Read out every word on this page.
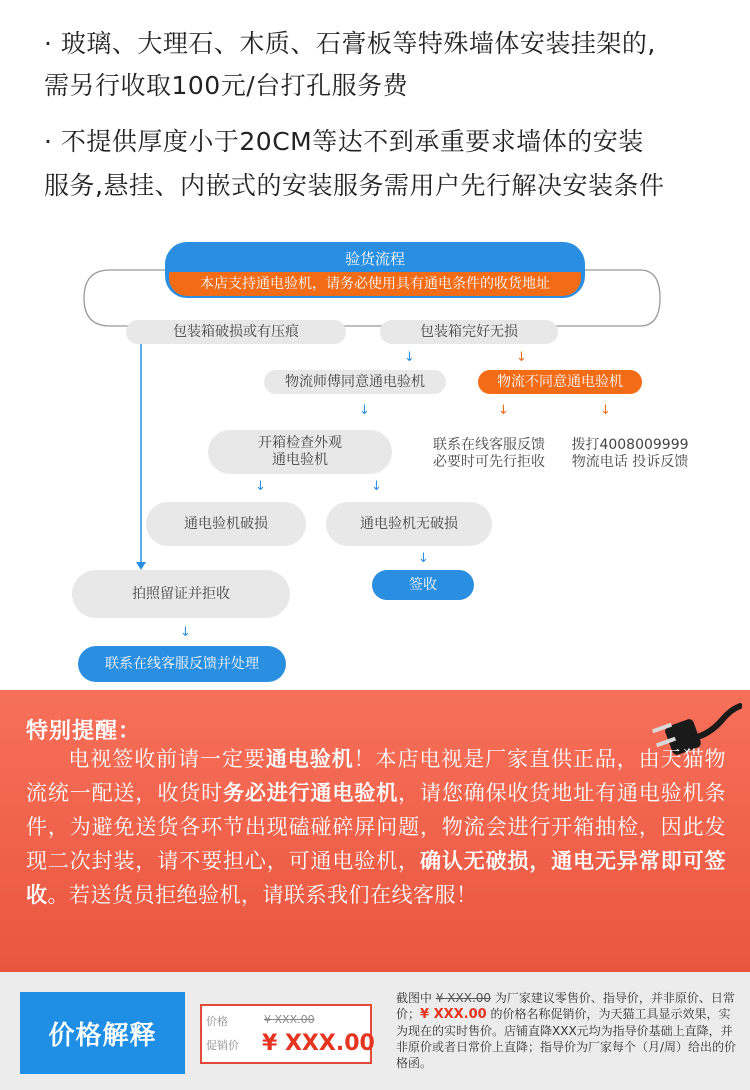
· 玻璃、大理石、木质、石膏板等特殊墙体安装挂架的,
需另行收取100元/台打孔服务费
· 不提供厚度小于20CM等达不到承重要求墙体的安装
服务,悬挂、内嵌式的安装服务需用户先行解决安装条件
验货流程
本店支持通电验机，请务必使用具有通电条件的收货地址
包装箱破损或有压痕	包装箱完好无损
↓	↓
物流师傅同意通电验机	物流不同意通电验机
↓	↓	↓
开箱检查外观
通电验机
联系在线客服反馈
必要时可先行拒收
拨打4008009999
物流电话 投诉反馈
↓	↓
通电验机破损	通电验机无破损
↓
拍照留证并拒收
签收
↓
联系在线客服反馈并处理
特别提醒：
电视签收前请一定要通电验机！本店电视是厂家直供正品，由天猫物流统一配送，收货时务必进行通电验机，请您确保收货地址有通电验机条件，为避免送货各环节出现磕碰碎屏问题，物流会进行开箱抽检，因此发现二次封装，请不要担心，可通电验机，确认无破损，通电无异常即可签收。若送货员拒绝验机，请联系我们在线客服！
价格解释	价格	¥ XXX.00
促销价 ¥ XXX.00
截图中 ¥ XXX.00 为厂家建议零售价、指导价，并非原价、日常价；¥ XXX.00 的价格名称促销价，为天猫工具显示效果，实为现在的实时售价。店铺直降XXX元均为指导价基础上直降，并非原价或者日常价上直降；指导价为厂家每个（月/周）给出的价格函。
